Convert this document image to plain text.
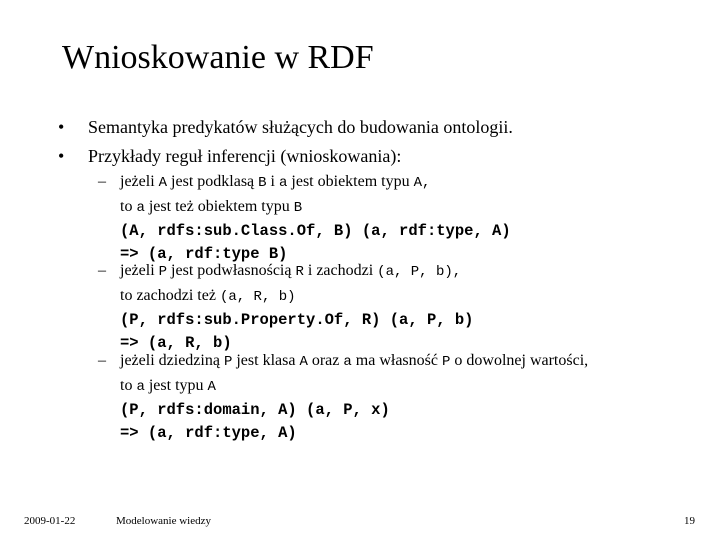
Wnioskowanie w RDF
• Semantyka predykatów służących do budowania ontologii.
• Przykłady reguł inferencji (wnioskowania):
– jeżeli A jest podklasą B i a jest obiektem typu A,
to a jest też obiektem typu B
(A, rdfs:sub.Class.Of, B) (a, rdf:type, A)
=> (a, rdf:type B)
– jeżeli P jest podwłasnością R i zachodzi (a, P, b),
to zachodzi też (a, R, b)
(P, rdfs:sub.Property.Of, R) (a, P, b)
=> (a, R, b)
– jeżeli dziedziną P jest klasa A oraz a ma własność P o dowolnej wartości,
to a jest typu A
(P, rdfs:domain, A) (a, P, x)
=> (a, rdf:type, A)
2009-01-22	Modelowanie wiedzy	19
